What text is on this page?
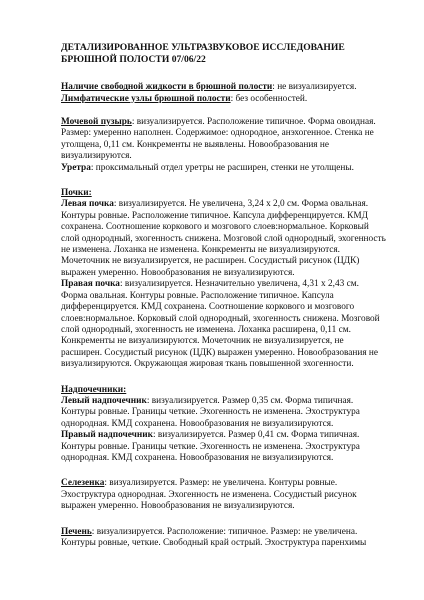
ДЕТАЛИЗИРОВАННОЕ УЛЬТРАЗВУКОВОЕ ИССЛЕДОВАНИЕ БРЮШНОЙ ПОЛОСТИ 07/06/22

Наличие свободной жидкости в брюшной полости: не визуализируется.

Лимфатические узлы брюшной полости: без особенностей.

Мочевой пузырь: визуализируется. Расположение типичное. Форма овоидная. Размер: умеренно наполнен. Содержимое: однородное, анэхогенное. Стенка не утолщена, 0,11 см. Конкременты не выявлены. Новообразования не визуализируются.

Уретра: проксимальный отдел уретры не расширен, стенки не утолщены.

Почки:

Левая почка: визуализируется. Не увеличена, 3,24 х 2,0 см. Форма овальная. Контуры ровные. Расположение типичное. Капсула дифференцируется. КМД сохранена. Соотношение коркового и мозгового слоев:нормальное. Корковый слой однородный, эхогенность снижена. Мозговой слой однородный, эхогенность не изменена. Лоханка не изменена. Конкременты не визуализируются. Мочеточник не визуализируется, не расширен. Сосудистый рисунок (ЦДК) выражен умеренно. Новообразования не визуализируются.

Правая почка: визуализируется. Незначительно увеличена, 4,31 х 2,43 см. Форма овальная. Контуры ровные. Расположение типичное. Капсула дифференцируется. КМД сохранена. Соотношение коркового и мозгового слоев:нормальное. Корковый слой однородный, эхогенность снижена. Мозговой слой однородный, эхогенность не изменена. Лоханка расширена, 0,11 см. Конкременты не визуализируются. Мочеточник не визуализируется, не расширен. Сосудистый рисунок (ЦДК) выражен умеренно. Новообразования не визуализируются. Окружающая жировая ткань повышенной эхогенности.

Надпочечники:

Левый надпочечник: визуализируется. Размер 0,35 см. Форма типичная. Контуры ровные. Границы четкие. Эхогенность не изменена. Эхоструктура однородная. КМД сохранена. Новообразования не визуализируются.

Правый надпочечник: визуализируется. Размер 0,41 см. Форма типичная. Контуры ровные. Границы четкие. Эхогенность не изменена. Эхоструктура однородная. КМД сохранена. Новообразования не визуализируются.

Селезенка: визуализируется. Размер: не увеличена. Контуры ровные. Эхоструктура однородная. Эхогенность не изменена. Сосудистый рисунок выражен умеренно. Новообразования не визуализируются.

Печень: визуализируется. Расположение: типичное. Размер: не увеличена. Контуры ровные, четкие. Свободный край острый. Эхоструктура паренхимы
